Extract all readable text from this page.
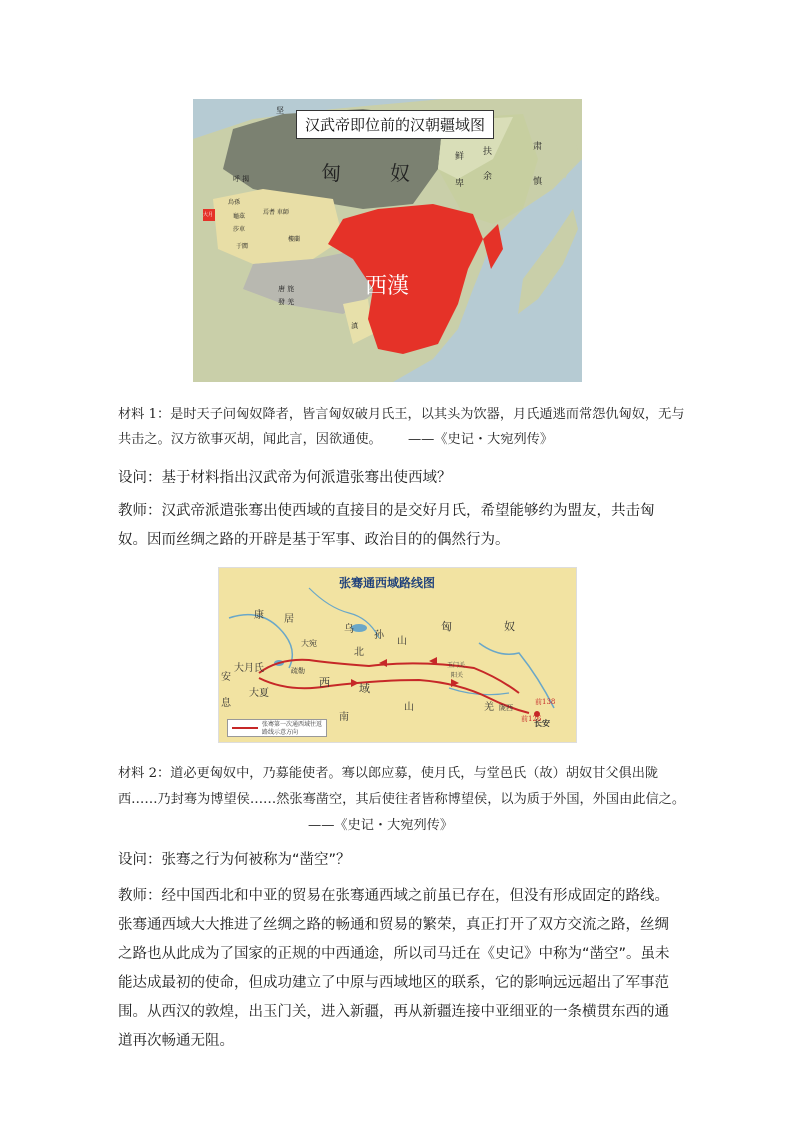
汉武帝即位前的汉朝疆域图
匈 奴
西漢
坚
呼 揭
鲜
卑
扶
余
肃
慎
烏孫
焉耆 車師
龜茲
莎車
于闐
樓蘭
大月
唐 旄
發 羌
滇
材料 1：是时天子问匈奴降者，皆言匈奴破月氏王，以其头为饮器，月氏遁逃而常怨仇匈奴，无与共击之。汉方欲事灭胡，闻此言，因欲通使。 ——《史记・大宛列传》
设问：基于材料指出汉武帝为何派遣张骞出使西域？
教师：汉武帝派遣张骞出使西域的直接目的是交好月氏，希望能够约为盟友，共击匈奴。因而丝绸之路的开辟是基于军事、政治目的的偶然行为。
张骞通西域路线图
康 居
乌
孙
山
匈	奴
大宛
北
大月氏	疏勒
西	域
大夏
安
息
南
山
玉门关
阳关
羌 陇西
长安
前138
前126
张骞第一次通西域往返路线示意方向
材料 2：道必更匈奴中，乃募能使者。骞以郎应募，使月氏，与堂邑氏（故）胡奴甘父俱出陇西……乃封骞为博望侯……然张骞凿空，其后使往者皆称博望侯，以为质于外国，外国由此信之。 ——《史记・大宛列传》
设问：张骞之行为何被称为“凿空”？
教师：经中国西北和中亚的贸易在张骞通西域之前虽已存在，但没有形成固定的路线。张骞通西域大大推进了丝绸之路的畅通和贸易的繁荣，真正打开了双方交流之路，丝绸之路也从此成为了国家的正规的中西通途，所以司马迁在《史记》中称为“凿空”。虽未能达成最初的使命，但成功建立了中原与西域地区的联系，它的影响远远超出了军事范围。从西汉的敦煌，出玉门关，进入新疆，再从新疆连接中亚细亚的一条横贯东西的通道再次畅通无阻。
